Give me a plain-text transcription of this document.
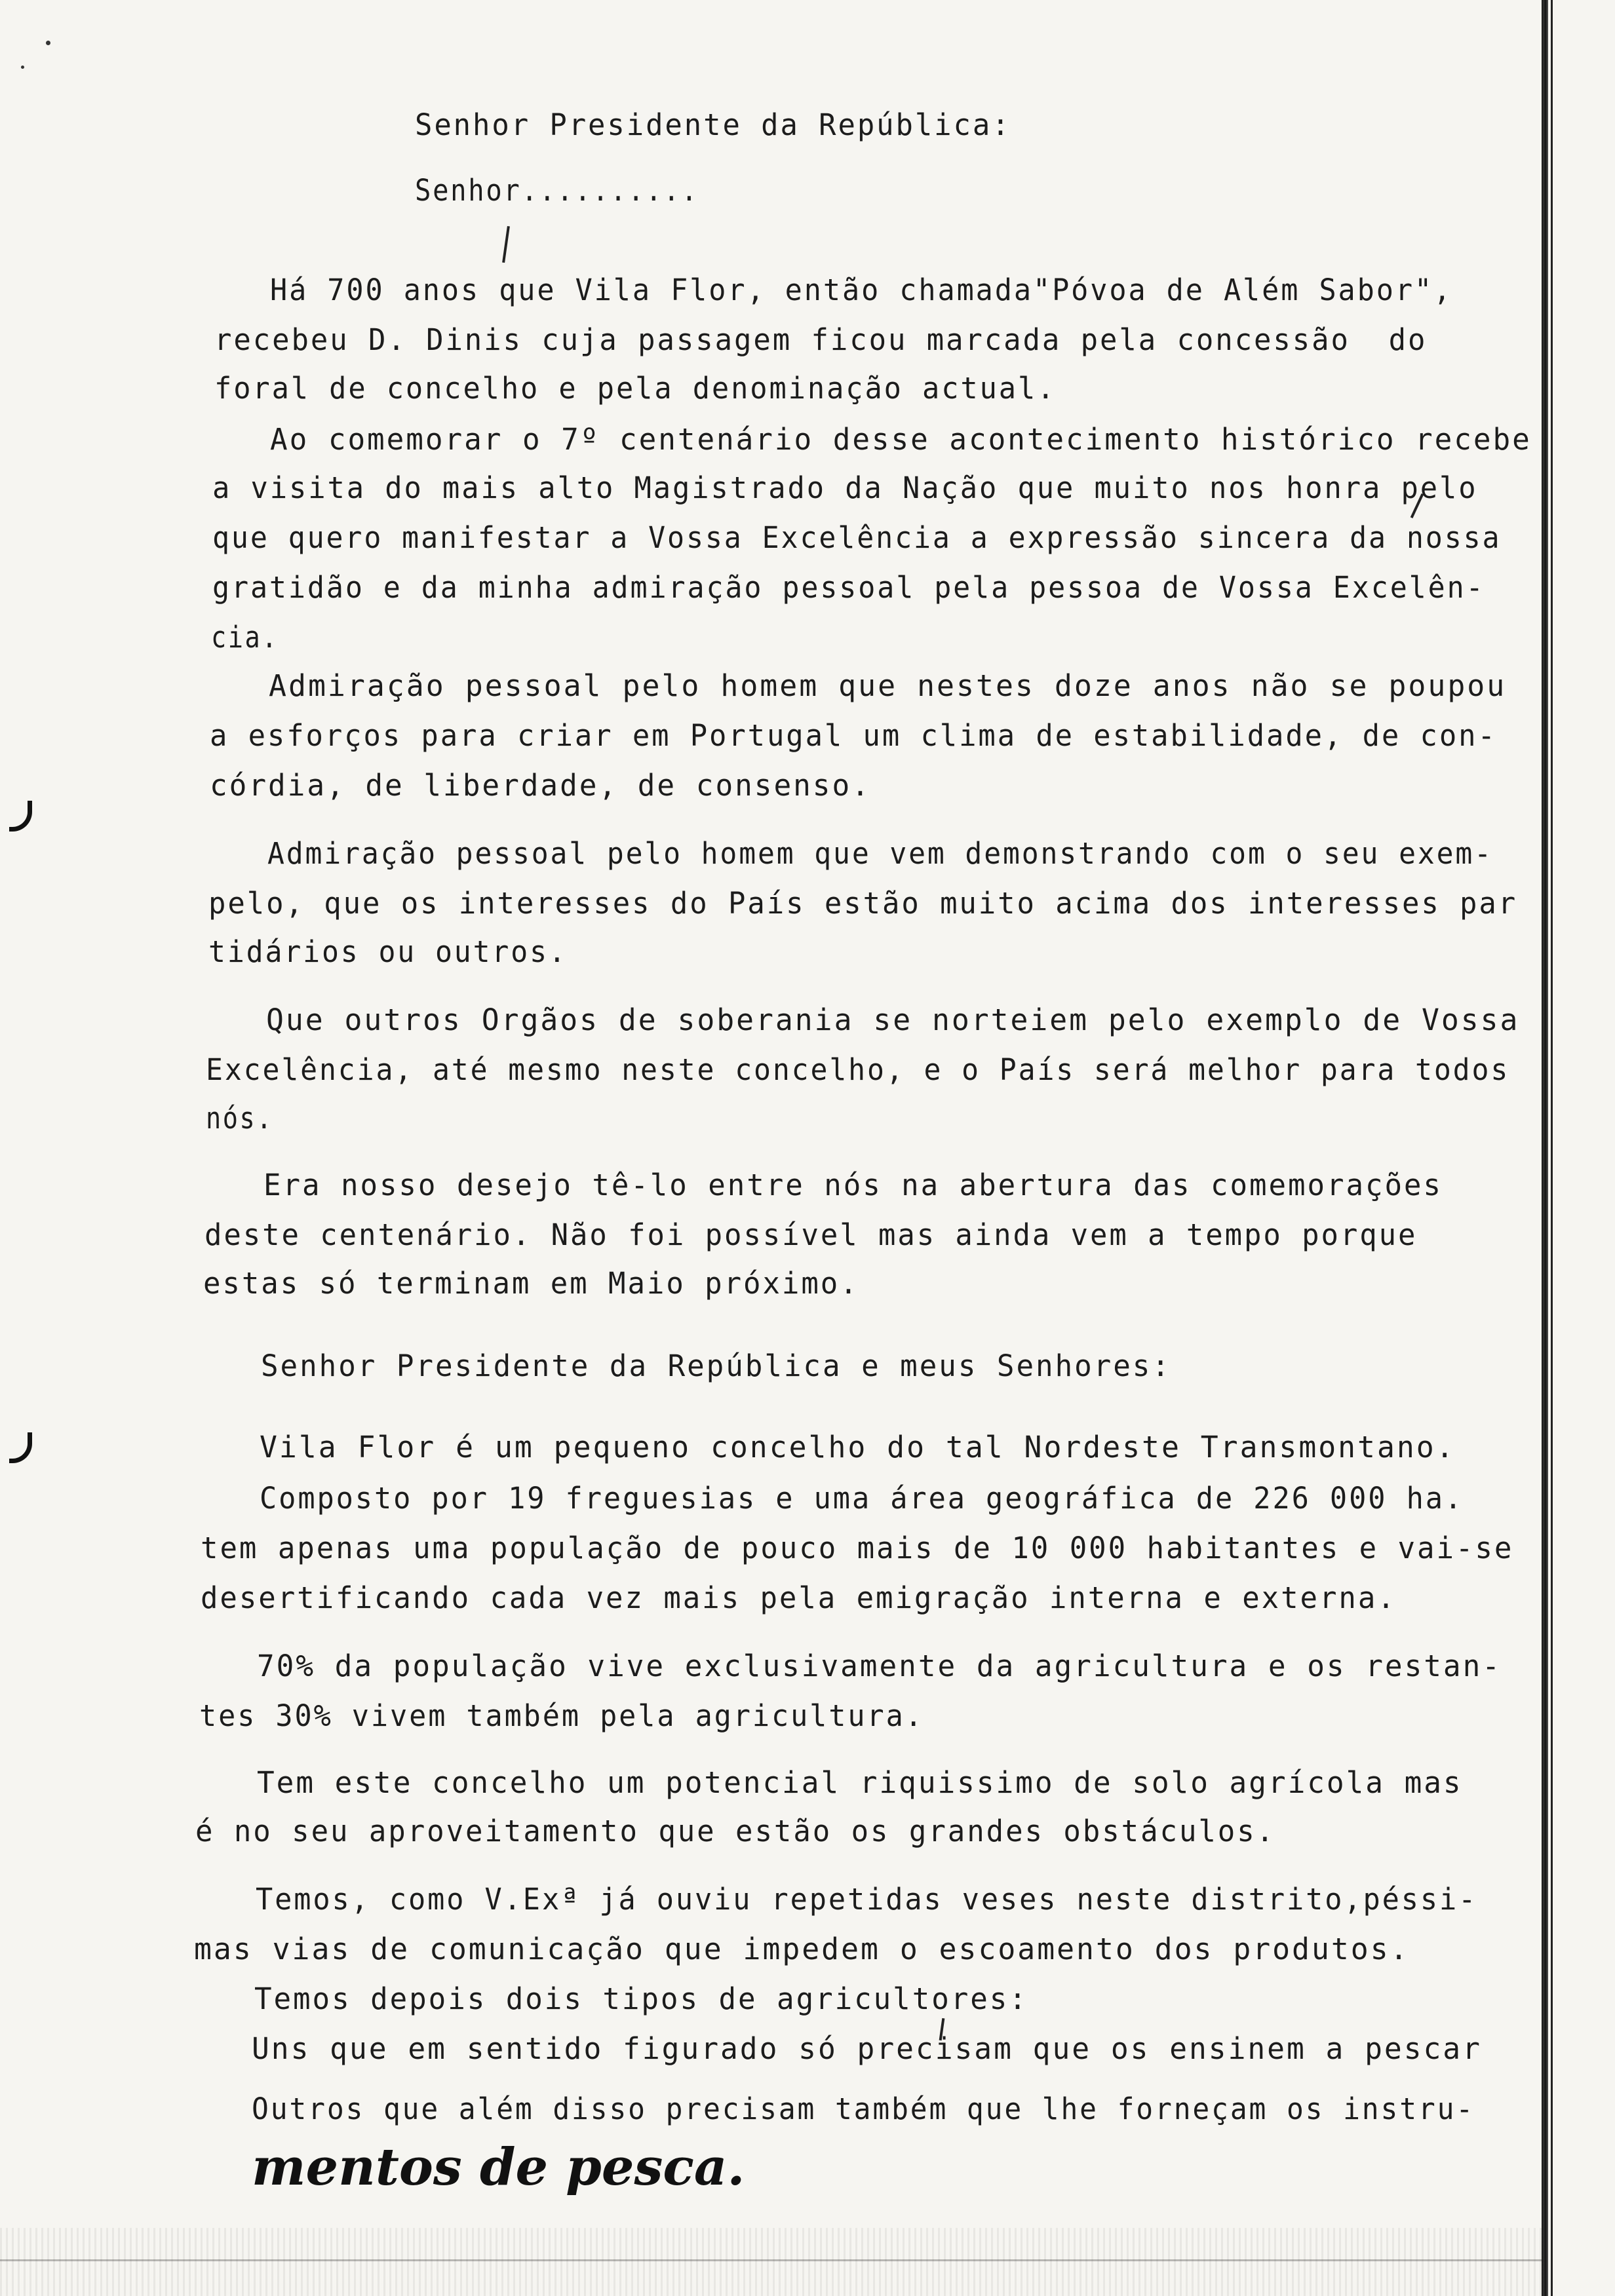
Senhor Presidente da República:
Senhor..........
Há 700 anos que Vila Flor, então chamada"Póvoa de Além Sabor",
recebeu D. Dinis cuja passagem ficou marcada pela concessão  do
foral de concelho e pela denominação actual.
Ao comemorar o 7º centenário desse acontecimento histórico recebe
a visita do mais alto Magistrado da Nação que muito nos honra pelo
que quero manifestar a Vossa Excelência a expressão sincera da nossa
gratidão e da minha admiração pessoal pela pessoa de Vossa Excelên-
cia.
Admiração pessoal pelo homem que nestes doze anos não se poupou
a esforços para criar em Portugal um clima de estabilidade, de con-
córdia, de liberdade, de consenso.
Admiração pessoal pelo homem que vem demonstrando com o seu exem-
pelo, que os interesses do País estão muito acima dos interesses par
tidários ou outros.
Que outros Orgãos de soberania se norteiem pelo exemplo de Vossa
Excelência, até mesmo neste concelho, e o País será melhor para todos
nós.
Era nosso desejo tê-lo entre nós na abertura das comemorações
deste centenário. Não foi possível mas ainda vem a tempo porque
estas só terminam em Maio próximo.
Senhor Presidente da República e meus Senhores:
Vila Flor é um pequeno concelho do tal Nordeste Transmontano.
Composto por 19 freguesias e uma área geográfica de 226 000 ha.
tem apenas uma população de pouco mais de 10 000 habitantes e vai-se
desertificando cada vez mais pela emigração interna e externa.
70% da população vive exclusivamente da agricultura e os restan-
tes 30% vivem também pela agricultura.
Tem este concelho um potencial riquissimo de solo agrícola mas
é no seu aproveitamento que estão os grandes obstáculos.
Temos, como V.Exª já ouviu repetidas veses neste distrito,péssi-
mas vias de comunicação que impedem o escoamento dos produtos.
Temos depois dois tipos de agricultores:
Uns que em sentido figurado só precisam que os ensinem a pescar
Outros que além disso precisam também que lhe forneçam os instru-
mentos de pesca.
